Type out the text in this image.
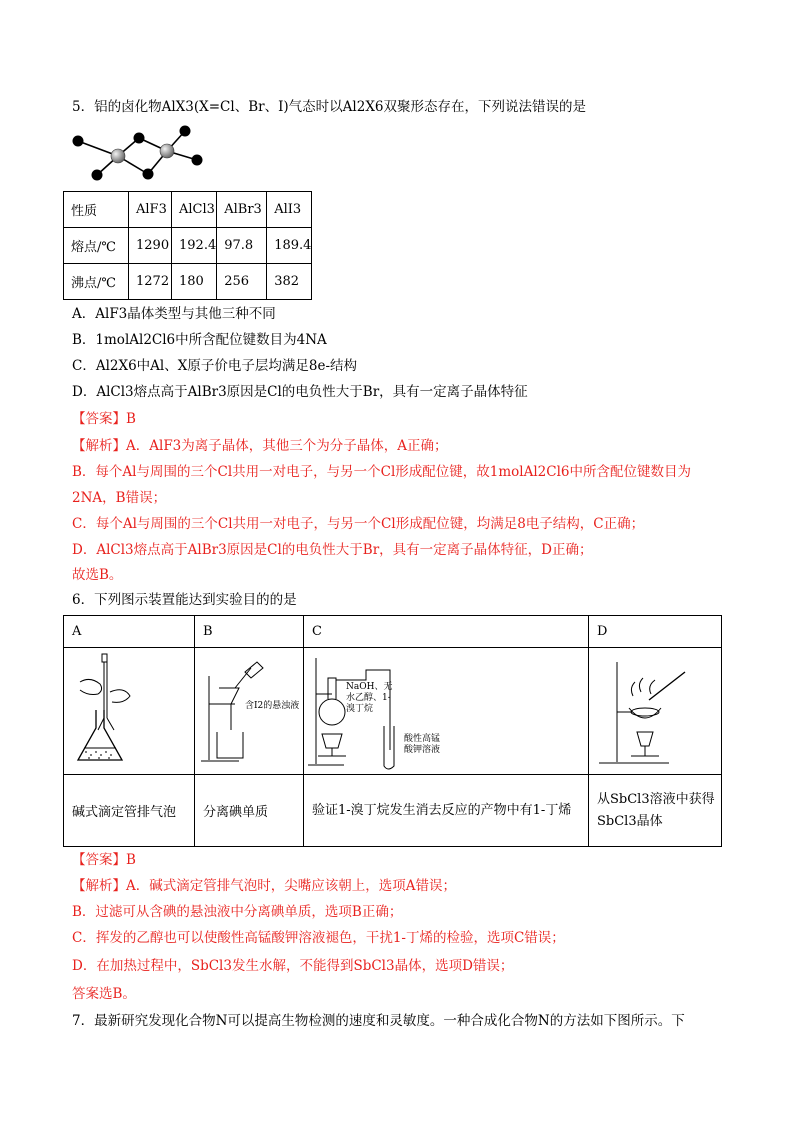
5．铝的卤化物AlX3(X=Cl、Br、I)气态时以Al2X6双聚形态存在，下列说法错误的是
性质	AlF3	AlCl3	AlBr3	AlI3
熔点/℃	1290	192.4	97.8	189.4
沸点/℃	1272	180	256	382
A．AlF3晶体类型与其他三种不同
B．1molAl2Cl6中所含配位键数目为4NA
C．Al2X6中Al、X原子价电子层均满足8e-结构
D．AlCl3熔点高于AlBr3原因是Cl的电负性大于Br，具有一定离子晶体特征
【答案】B
【解析】A．AlF3为离子晶体，其他三个为分子晶体，A正确；
B．每个Al与周围的三个Cl共用一对电子，与另一个Cl形成配位键，故1molAl2Cl6中所含配位键数目为
2NA，B错误；
C．每个Al与周围的三个Cl共用一对电子，与另一个Cl形成配位键，均满足8电子结构，C正确；
D．AlCl3熔点高于AlBr3原因是Cl的电负性大于Br，具有一定离子晶体特征，D正确；
故选B。
6．下列图示装置能达到实验目的的是
A	B	C	D

含I2的悬浊液	NaOH、无水乙醇、1-溴丁烷
酸性高锰酸钾溶液

碱式滴定管排气泡	分离碘单质	验证1-溴丁烷发生消去反应的产物中有1-丁烯	从SbCl3溶液中获得SbCl3晶体
【答案】B
【解析】A．碱式滴定管排气泡时，尖嘴应该朝上，选项A错误；
B．过滤可从含碘的悬浊液中分离碘单质，选项B正确；
C．挥发的乙醇也可以使酸性高锰酸钾溶液褪色，干扰1-丁烯的检验，选项C错误；
D．在加热过程中，SbCl3发生水解，不能得到SbCl3晶体，选项D错误；
答案选B。
7．最新研究发现化合物N可以提高生物检测的速度和灵敏度。一种合成化合物N的方法如下图所示。下
